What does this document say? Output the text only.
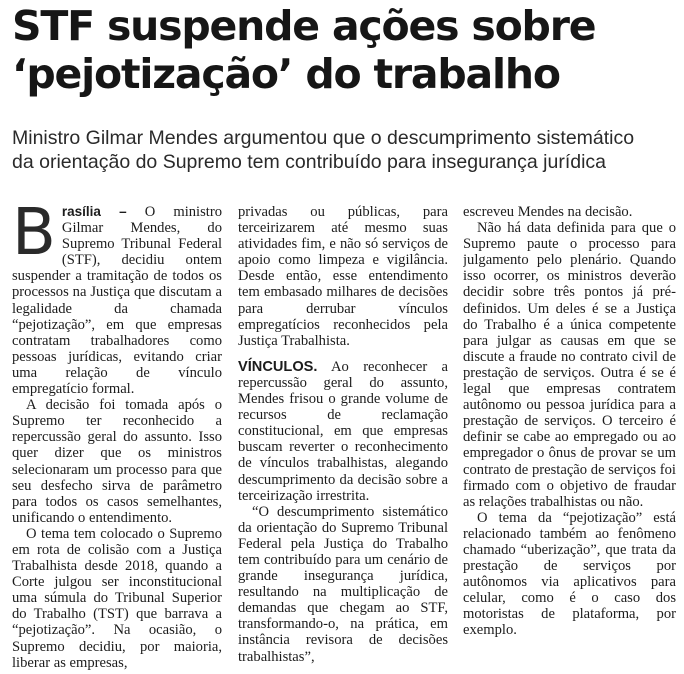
STF suspende ações sobre
‘pejotização’ do trabalho
Ministro Gilmar Mendes argumentou que o descumprimento sistemático
da orientação do Supremo tem contribuído para insegurança jurídica

Brasília – O ministro Gilmar Mendes, do Supremo Tribunal Federal (STF), decidiu ontem suspender a tramitação de todos os processos na Justiça que discutam a legalidade da chamada “pejotização”, em que empresas contratam trabalhadores como pessoas jurídicas, evitando criar uma relação de vínculo empregatício formal.

A decisão foi tomada após o Supremo ter reconhecido a repercussão geral do assunto. Isso quer dizer que os ministros selecionaram um processo para que seu desfecho sirva de parâmetro para todos os casos semelhantes, unificando o entendimento.

O tema tem colocado o Supremo em rota de colisão com a Justiça Trabalhista desde 2018, quando a Corte julgou ser inconstitucional uma súmula do Tribunal Superior do Trabalho (TST) que barrava a “pejotização”. Na ocasião, o Supremo decidiu, por maioria, liberar as empresas,

privadas ou públicas, para terceirizarem até mesmo suas atividades fim, e não só serviços de apoio como limpeza e vigilância. Desde então, esse entendimento tem embasado milhares de decisões para derrubar vínculos empregatícios reconhecidos pela Justiça Trabalhista.

VÍNCULOS. Ao reconhecer a repercussão geral do assunto, Mendes frisou o grande volume de recursos de reclamação constitucional, em que empresas buscam reverter o reconhecimento de vínculos trabalhistas, alegando descumprimento da decisão sobre a terceirização irrestrita.

“O descumprimento sistemático da orientação do Supremo Tribunal Federal pela Justiça do Trabalho tem contribuído para um cenário de grande insegurança jurídica, resultando na multiplicação de demandas que chegam ao STF, transformando-o, na prática, em instância revisora de decisões trabalhistas”,

escreveu Mendes na decisão.

Não há data definida para que o Supremo paute o processo para julgamento pelo plenário. Quando isso ocorrer, os ministros deverão decidir sobre três pontos já pré-definidos. Um deles é se a Justiça do Trabalho é a única competente para julgar as causas em que se discute a fraude no contrato civil de prestação de serviços. Outra é se é legal que empresas contratem autônomo ou pessoa jurídica para a prestação de serviços. O terceiro é definir se cabe ao empregado ou ao empregador o ônus de provar se um contrato de prestação de serviços foi firmado com o objetivo de fraudar as relações trabalhistas ou não.

O tema da “pejotização” está relacionado também ao fenômeno chamado “uberização”, que trata da prestação de serviços por autônomos via aplicativos para celular, como é o caso dos motoristas de plataforma, por exemplo.
